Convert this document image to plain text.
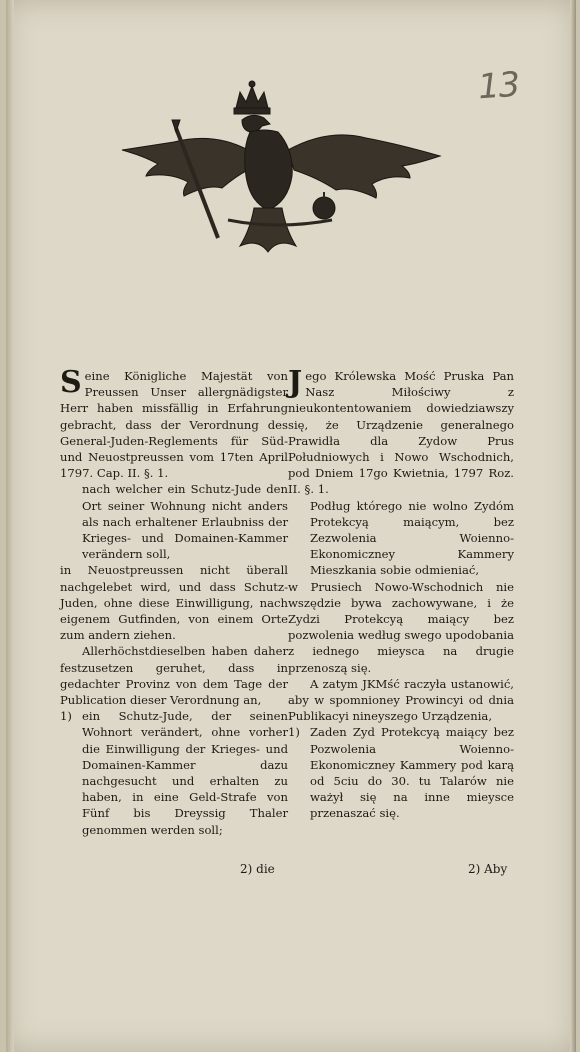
13

Seine Königliche Majestät von Preussen Unser allergnädigster Herr haben missfällig in Erfahrung gebracht, dass der Verordnung des General-Juden-Reglements für Süd- und Neuostpreussen vom 17ten April 1797. Cap. II. §. 1.

nach welcher ein Schutz-Jude den Ort seiner Wohnung nicht anders als nach erhaltener Erlaubniss der Krieges- und Domainen-Kammer verändern soll,

in Neuostpreussen nicht überall nachgelebet wird, und dass Schutz-Juden, ohne diese Einwilligung, nach eigenem Gutfinden, von einem Orte zum andern ziehen.

Allerhöchstdieselben haben daher festzusetzen geruhet, dass in gedachter Provinz von dem Tage der Publication dieser Verordnung an,

1) ein Schutz-Jude, der seinen Wohnort verändert, ohne vorher die Einwilligung der Krieges- und Domainen-Kammer dazu nachgesucht und erhalten zu haben, in eine Geld-Strafe von Fünf bis Dreyssig Thaler genommen werden soll;

Jego Królewska Mość Pruska Pan Nasz Miłościwy z nieukontentowaniem dowiedziawszy się, że Urządzenie generalnego Prawidła dla Zydow Prus Południowych i Nowo Wschodnich, pod Dniem 17go Kwietnia, 1797 Roz. II. §. 1.

Podług którego nie wolno Zydóm Protekcyą maiącym, bez Zezwolenia Woienno-Ekonomiczney Kammery Mieszkania sobie odmieniać,

w Prusiech Nowo-Wschodnich nie wszędzie bywa zachowywane, i że Zydzi Protekcyą maiący bez pozwolenia według swego upodobania z iednego mieysca na drugie przenoszą się.

A zatym JKMść raczyła ustanowić, aby w spomnioney Prowincyi od dnia Publikacyi nineyszego Urządzenia,

1) Zaden Zyd Protekcyą maiący bez Pozwolenia Woienno-Ekonomiczney Kammery pod karą od 5ciu do 30. tu Talarów nie ważył się na inne mieysce przenaszać się.

2) die	2) Aby
